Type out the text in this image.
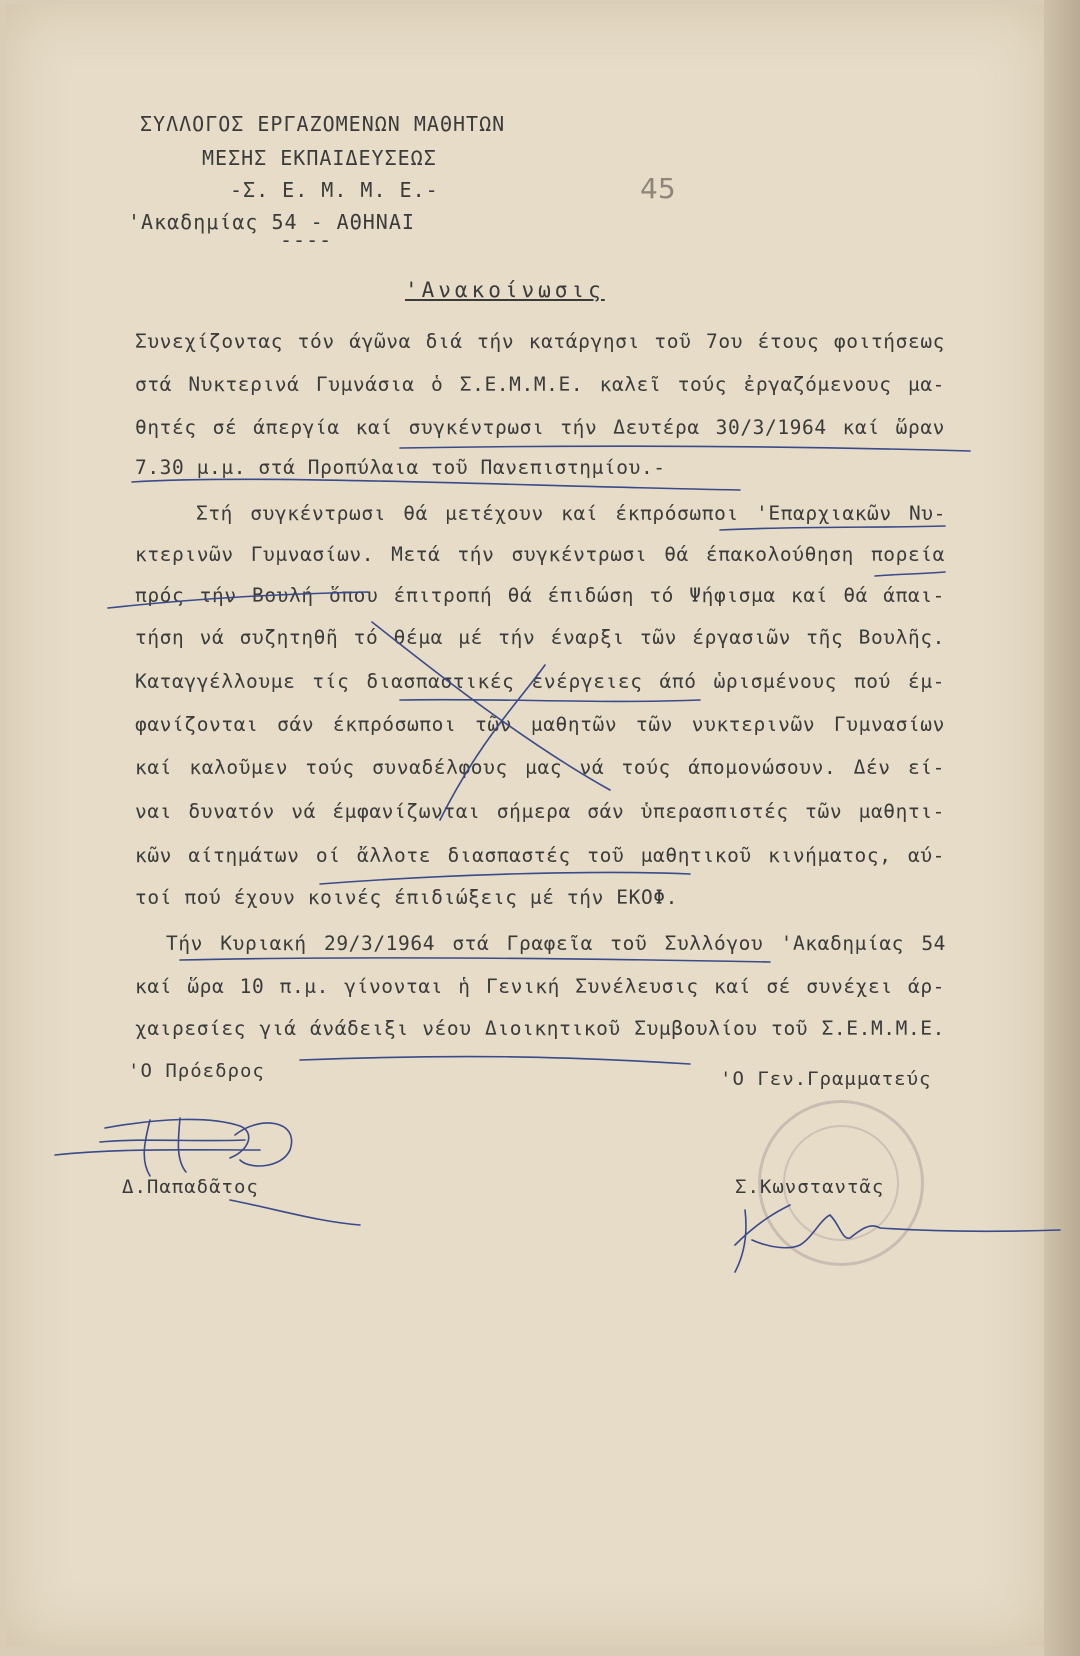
ΣΥΛΛΟΓΟΣ ΕΡΓΑΖΟΜΕΝΩΝ ΜΑΘΗΤΩΝ
ΜΕΣΗΣ ΕΚΠΑΙΔΕΥΣΕΩΣ
-Σ. Ε. Μ. Μ. Ε.-
'Ακαδημίας 54 - ΑΘΗΝΑΙ
----
45
'Ανακοίνωσις
Συνεχίζοντας τόν άγῶνα διά τήν κατάργησι τοῦ 7ου έτους φοιτήσεως
στά Νυκτερινά Γυμνάσια ὁ Σ.Ε.Μ.Μ.Ε. καλεῖ τούς ἐργαζόμενους μα-
θητές σέ άπεργία καί συγκέντρωσι τήν Δευτέρα 30/3/1964 καί ὥραν
7.30 μ.μ. στά Προπύλαια τοῦ Πανεπιστημίου.-
Στή συγκέντρωσι θά μετέχουν καί έκπρόσωποι 'Επαρχιακῶν Νυ-
κτερινῶν Γυμνασίων. Μετά τήν συγκέντρωσι θά έπακολούθηση πορεία
πρός τήν Βουλή ὅπου έπιτροπή θά έπιδώση τό Ψήφισμα καί θά άπαι-
τήση νά συζητηθῆ τό θέμα μέ τήν έναρξι τῶν έργασιῶν τῆς Βουλῆς.
Καταγγέλλουμε τίς διασπαστικές ένέργειες άπό ὡρισμένους πού έμ-
φανίζονται σάν έκπρόσωποι τῶν μαθητῶν τῶν νυκτερινῶν Γυμνασίων
καί καλοῦμεν τούς συναδέλφους μας νά τούς άπομονώσουν. Δέν εί-
ναι δυνατόν νά έμφανίζωνται σήμερα σάν ὑπερασπιστές τῶν μαθητι-
κῶν αίτημάτων οί ἄλλοτε διασπαστές τοῦ μαθητικοῦ κινήματος, αύ-
τοί πού έχουν κοινές έπιδιώξεις μέ τήν ΕΚΟΦ.
Τήν Κυριακή 29/3/1964 στά Γραφεῖα τοῦ Συλλόγου 'Ακαδημίας 54
καί ὥρα 10 π.μ. γίνονται ἡ Γενική Συνέλευσις καί σέ συνέχει άρ-
χαιρεσίες γιά άνάδειξι νέου Διοικητικοῦ Συμβουλίου τοῦ Σ.Ε.Μ.Μ.Ε.
'Ο Πρόεδρος	'Ο Γεν.Γραμματεύς
Δ.Παπαδᾶτος	Σ.Κωνσταντᾶς
